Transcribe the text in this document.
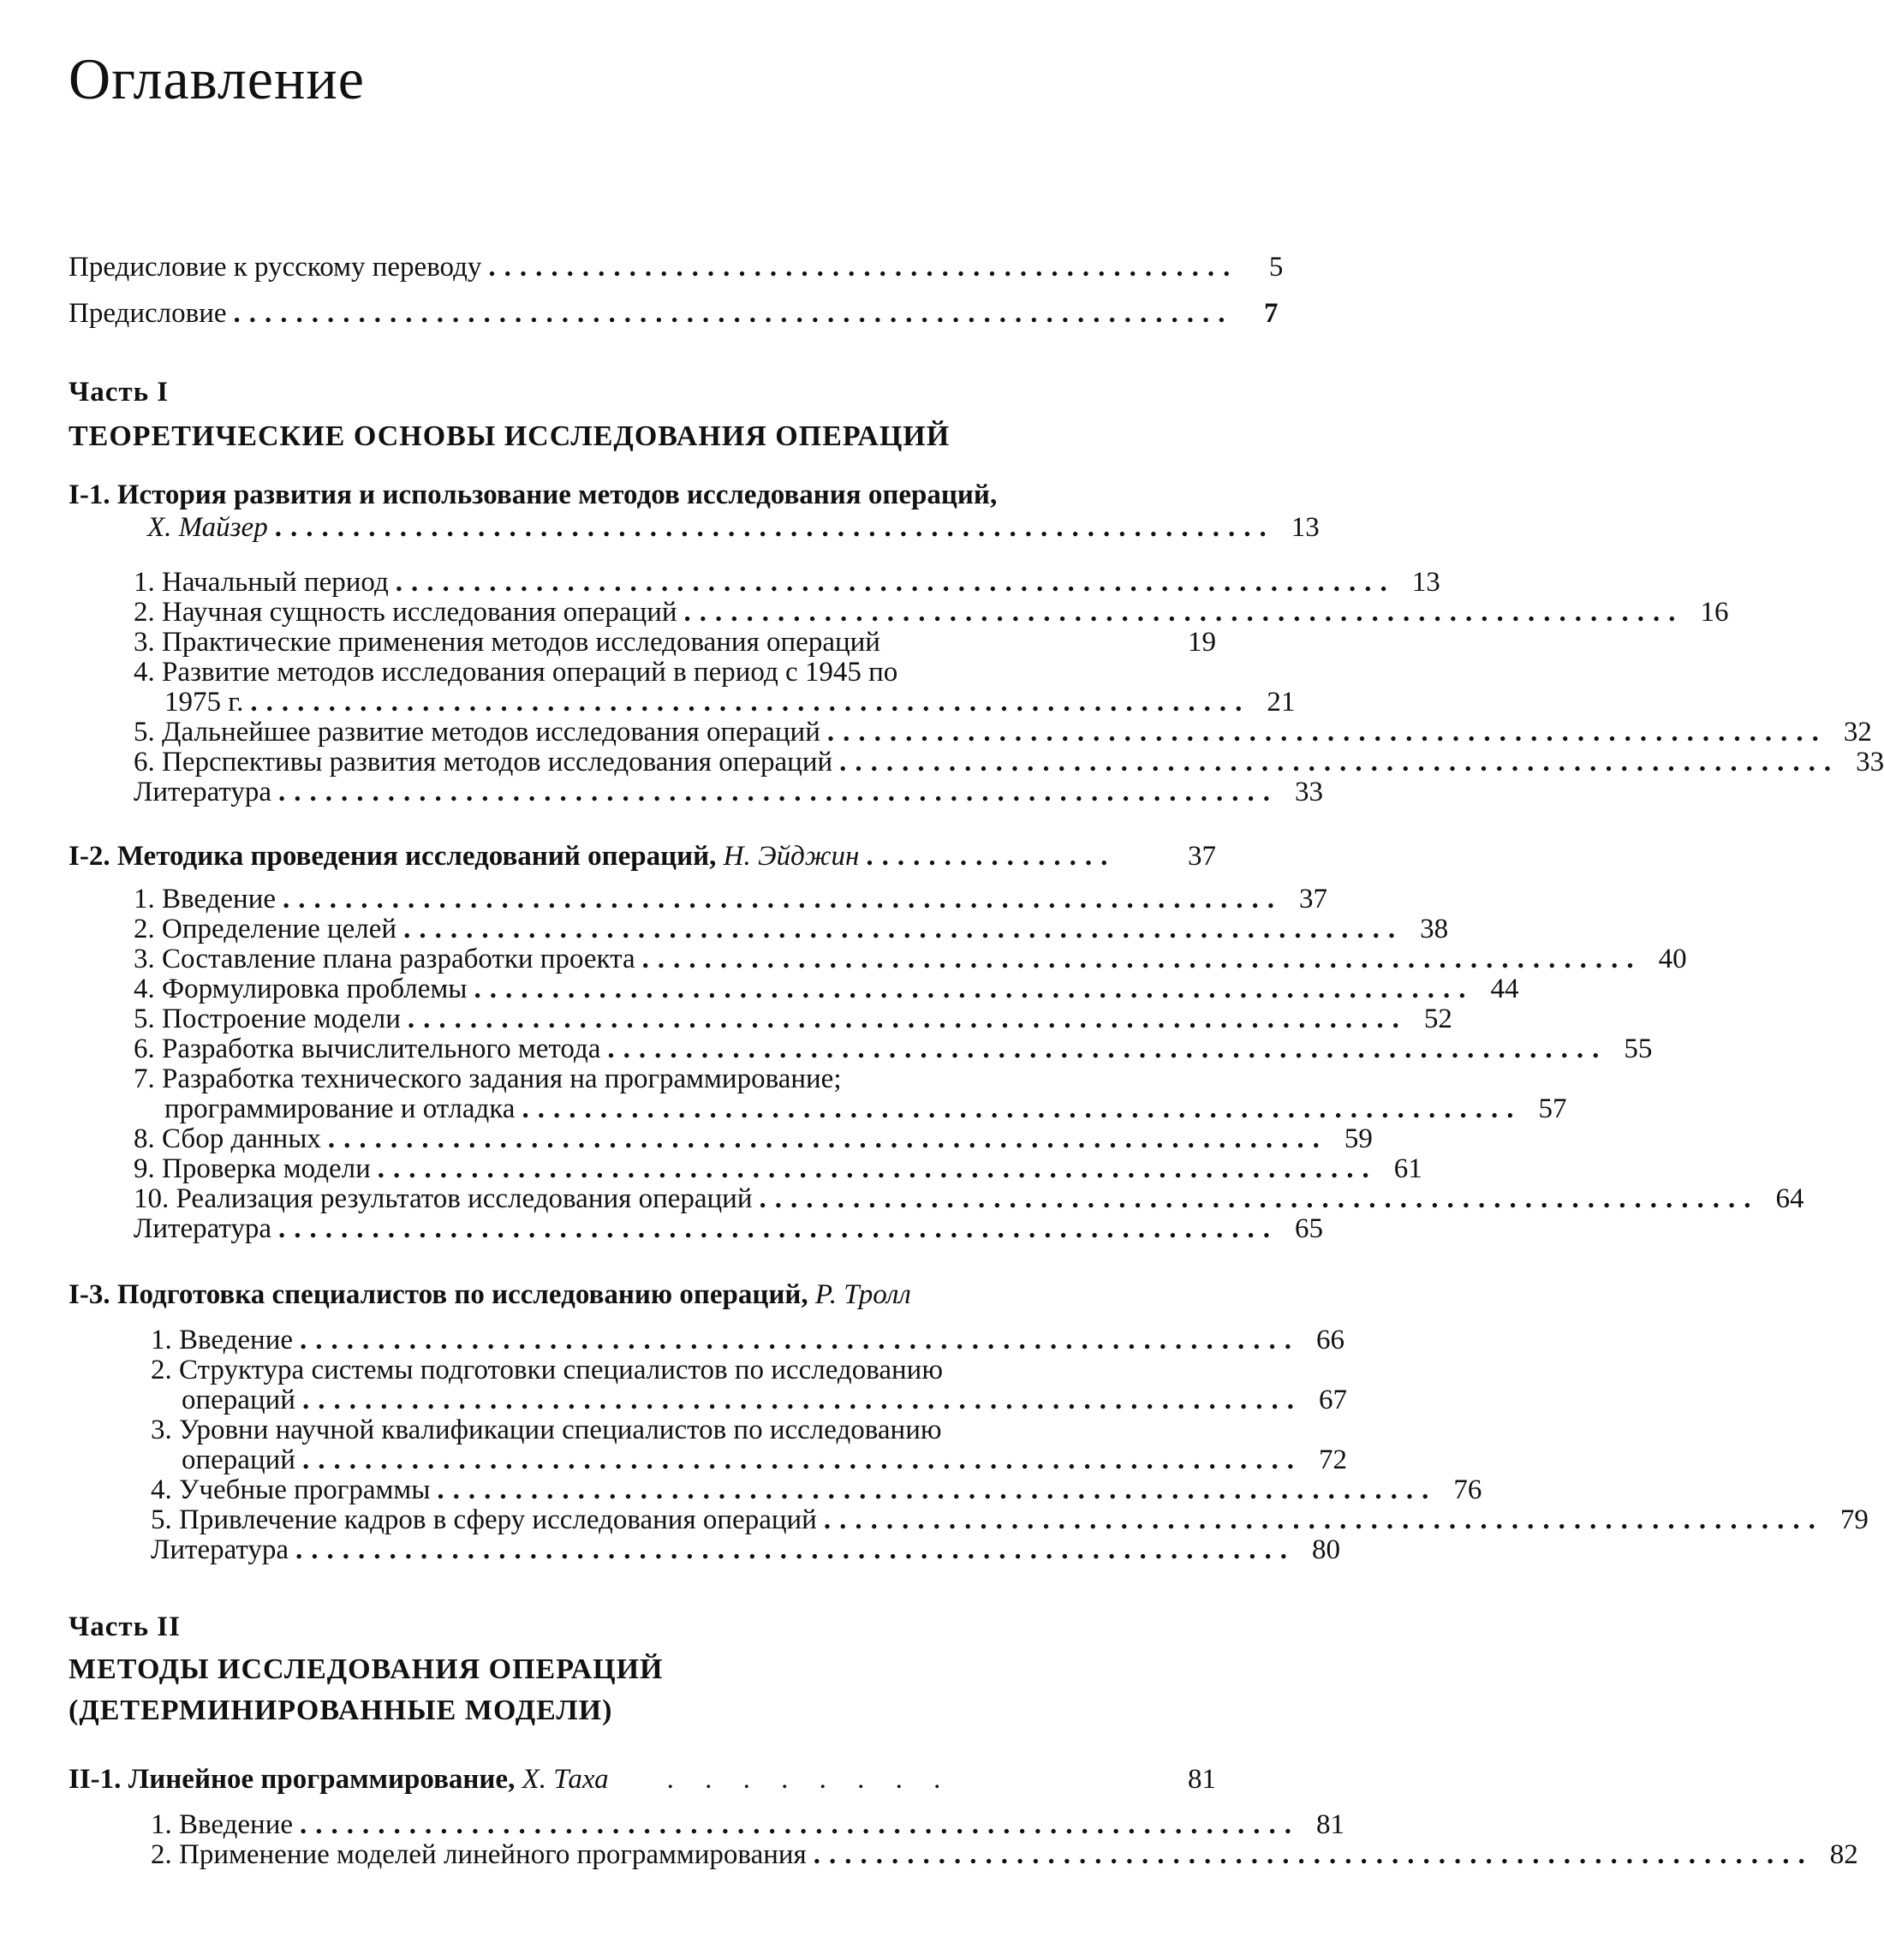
Оглавление
Предисловие к русскому переводу ................................................	5
Предисловие ................................................................	7
Часть I
ТЕОРЕТИЧЕСКИЕ ОСНОВЫ ИССЛЕДОВАНИЯ ОПЕРАЦИЙ
I-1.
История развития и использование методов исследования операций,
Х. Майзер ................................................................ 13
1. Начальный период ................................................................ 13
2. Научная сущность исследования операций ................................................................ 16
3. Практические применения методов исследования операций	19
4. Развитие методов исследования операций в период с 1945 по
1975 г. ................................................................ 21
5. Дальнейшее развитие методов исследования операций ................................................................ 32
6. Перспективы развития методов исследования операций ................................................................ 33
Литература ................................................................ 33
I-2.
Методика проведения исследований операций,
Н. Эйджин ................	37
1. Введение ................................................................ 37
2. Определение целей ................................................................ 38
3. Составление плана разработки проекта ................................................................ 40
4. Формулировка проблемы ................................................................ 44
5. Построение модели ................................................................ 52
6. Разработка вычислительного метода ................................................................ 55
7. Разработка технического задания на программирование;
программирование и отладка ................................................................ 57
8. Сбор данных ................................................................ 59
9. Проверка модели ................................................................ 61
10. Реализация результатов исследования операций ................................................................ 64
Литература ................................................................ 65
I-3.
Подготовка специалистов по исследованию операций,
Р. Тролл
1. Введение ................................................................ 66
2. Структура системы подготовки специалистов по исследованию
операций ................................................................ 67
3. Уровни научной квалификации специалистов по исследованию
операций ................................................................ 72
4. Учебные программы ................................................................ 76
5. Привлечение кадров в сферу исследования операций ................................................................ 79
Литература ................................................................ 80
Часть II
МЕТОДЫ ИССЛЕДОВАНИЯ ОПЕРАЦИЙ
(ДЕТЕРМИНИРОВАННЫЕ МОДЕЛИ)
II-1.
Линейное программирование,
Х. Таха	. . . . . . . .	81
1. Введение ................................................................ 81
2. Применение моделей линейного программирования ................................................................ 82
